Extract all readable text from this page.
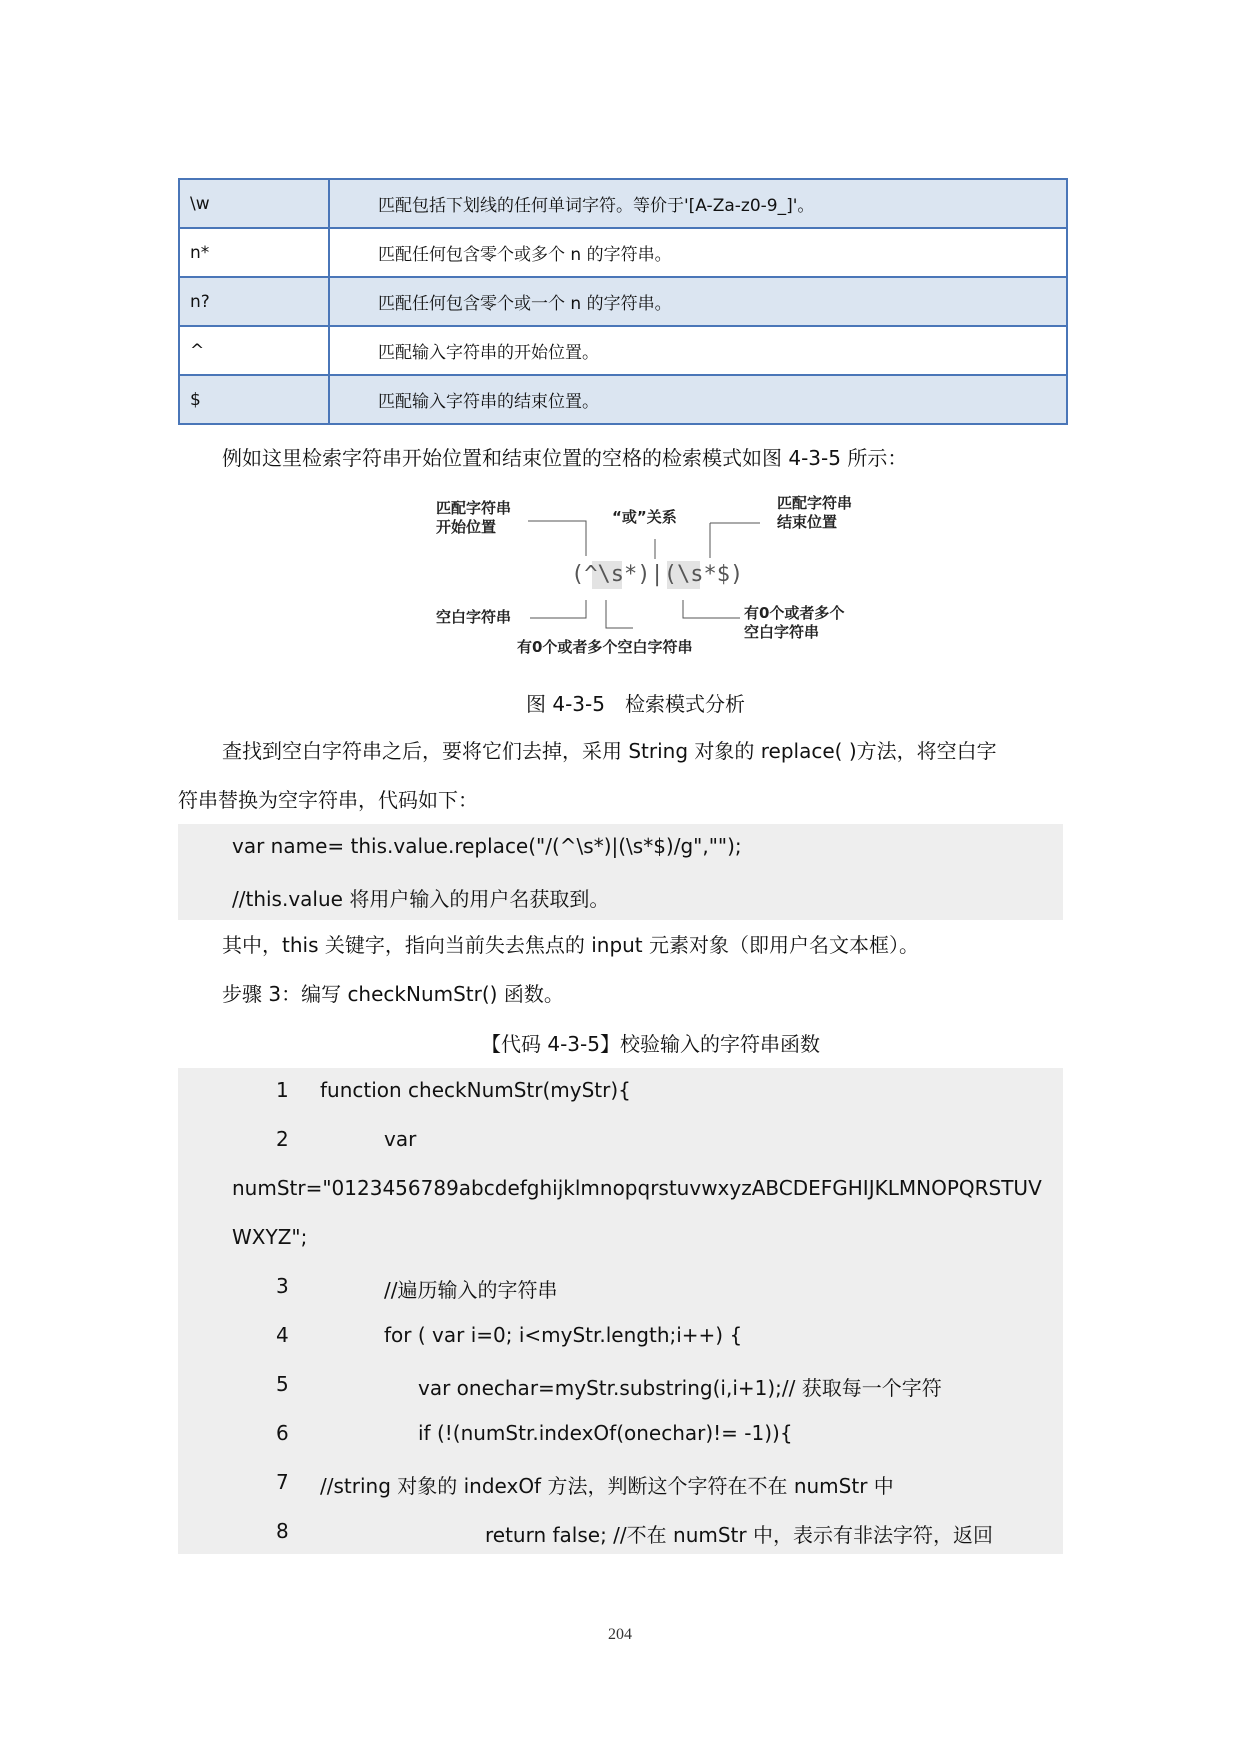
\w	匹配包括下划线的任何单词字符。等价于'[A-Za-z0-9_]'。
n*	匹配任何包含零个或多个 n 的字符串。
n?	匹配任何包含零个或一个 n 的字符串。
^	匹配输入字符串的开始位置。
$	匹配输入字符串的结束位置。
例如这里检索字符串开始位置和结束位置的空格的检索模式如图 4-3-5 所示：
匹配字符串
开始位置
“或”关系
匹配字符串
结束位置
(^\s*)|(\s*$)
空白字符串
有0个或者多个空白字符串
有0个或者多个
空白字符串
图 4-3-5　检索模式分析
查找到空白字符串之后，要将它们去掉，采用 String 对象的 replace( )方法，将空白字
符串替换为空字符串，代码如下：
var name= this.value.replace("/(^\s*)|(\s*$)/g","");
//this.value 将用户输入的用户名获取到。
其中，this 关键字，指向当前失去焦点的 input 元素对象（即用户名文本框）。
步骤 3：编写 checkNumStr() 函数。
【代码 4-3-5】校验输入的字符串函数
1 function checkNumStr(myStr){
2	var
numStr="0123456789abcdefghijklmnopqrstuvwxyzABCDEFGHIJKLMNOPQRSTUV
WXYZ";
3	//遍历输入的字符串
4	for ( var i=0; i<myStr.length;i++) {
5	var onechar=myStr.substring(i,i+1);// 获取每一个字符
6	if (!(numStr.indexOf(onechar)!= -1)){
7 //string 对象的 indexOf 方法，判断这个字符在不在 numStr 中
8	return false; //不在 numStr 中，表示有非法字符，返回
204
